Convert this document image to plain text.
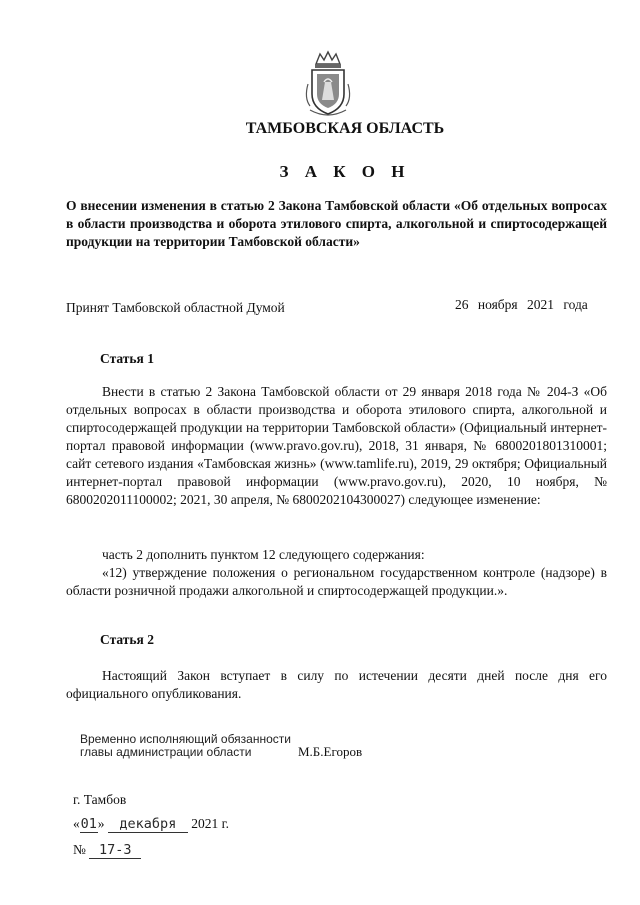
ТАМБОВСКАЯ ОБЛАСТЬ
З А К О Н
О внесении изменения в статью 2 Закона Тамбовской области «Об отдельных вопросах в области производства и оборота этилового спирта, алкогольной и спиртосодержащей продукции на территории Тамбовской области»
Принят Тамбовской областной Думой	26 ноября 2021 года
Статья 1
Внести в статью 2 Закона Тамбовской области от 29 января 2018 года № 204-З «Об отдельных вопросах в области производства и оборота этилового спирта, алкогольной и спиртосодержащей продукции на территории Тамбовской области» (Официальный интернет-портал правовой информации (www.pravo.gov.ru), 2018, 31 января, № 6800201801310001; сайт сетевого издания «Тамбовская жизнь» (www.tamlife.ru), 2019, 29 октября; Официальный интернет-портал правовой информации (www.pravo.gov.ru), 2020, 10 ноября, № 6800202011100002; 2021, 30 апреля, № 6800202104300027) следующее изменение:
часть 2 дополнить пунктом 12 следующего содержания:
«12) утверждение положения о региональном государственном контроле (надзоре) в области розничной продажи алкогольной и спиртосодержащей продукции.».
Статья 2
Настоящий Закон вступает в силу по истечении десяти дней после дня его официального опубликования.
Временно исполняющий обязанности
главы администрации области	М.Б.Егоров
г. Тамбов
«01» декабря 2021 г.
№ 17-З
